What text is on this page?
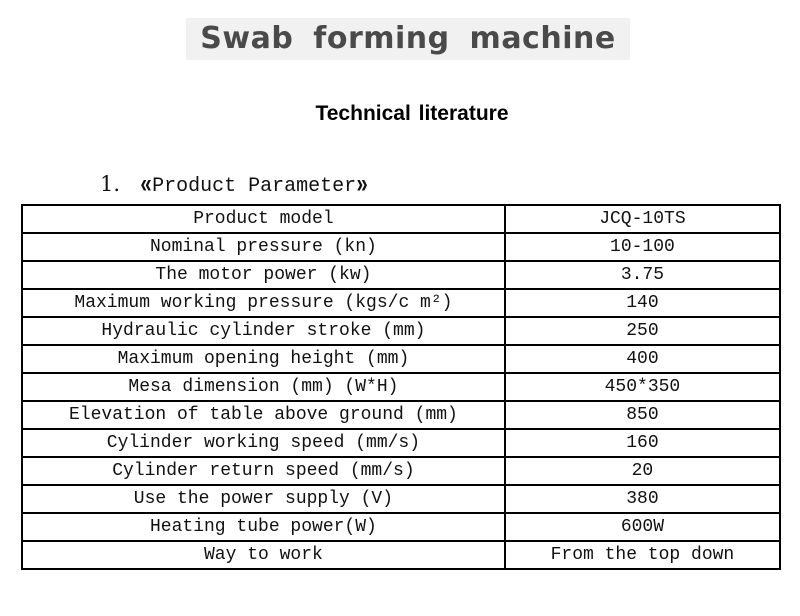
Swab forming machine
Technical literature
1. «Product Parameter»
Product model	JCQ-10TS
Nominal pressure (kn)	10-100
The motor power (kw)	3.75
Maximum working pressure (kgs/c m²)	140
Hydraulic cylinder stroke (mm)	250
Maximum opening height (mm)	400
Mesa dimension (mm) (W*H)	450*350
Elevation of table above ground (mm)	850
Cylinder working speed (mm/s)	160
Cylinder return speed (mm/s)	20
Use the power supply (V)	380
Heating tube power(W)	600W
Way to work	From the top down
